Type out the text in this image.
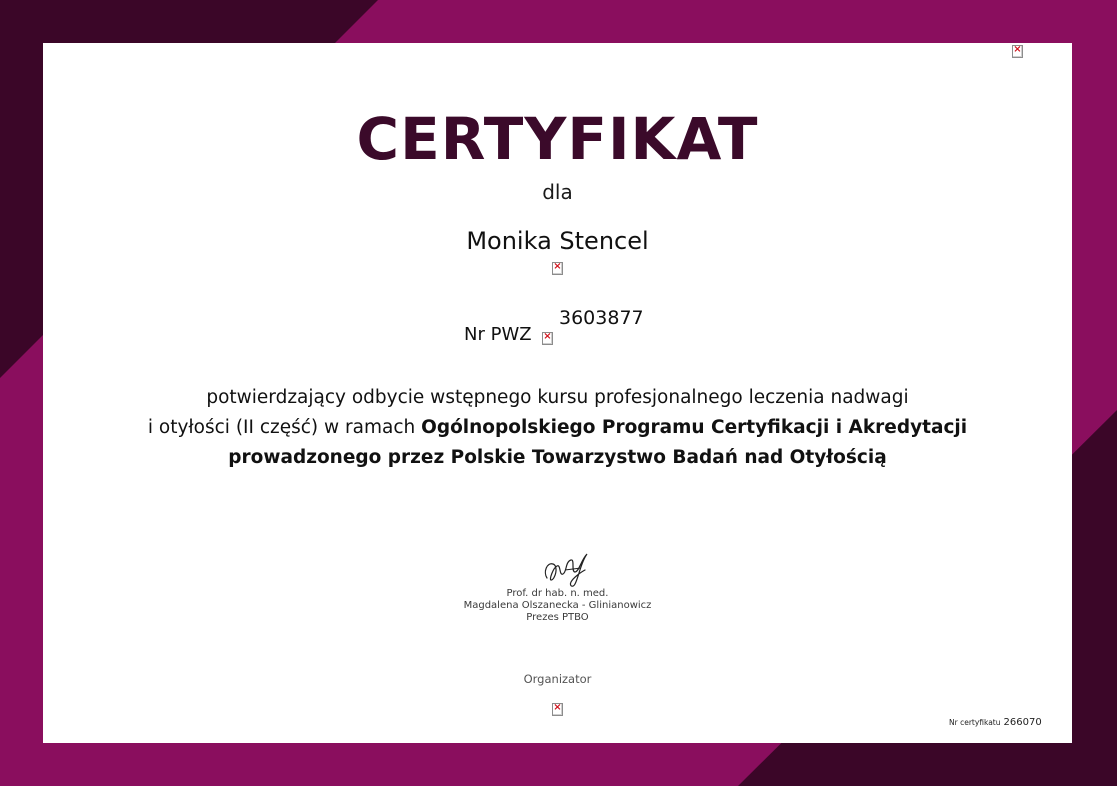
×
CERTYFIKAT
dla
Monika Stencel
×
Nr PWZ
×
3603877
potwierdzający odbycie wstępnego kursu profesjonalnego leczenia nadwagi
i otyłości (II część) w ramach Ogólnopolskiego Programu Certyfikacji i Akredytacji
prowadzonego przez Polskie Towarzystwo Badań nad Otyłością
Prof. dr hab. n. med.
Magdalena Olszanecka - Glinianowicz
Prezes PTBO
Organizator
×
Nr certyfikatu 266070
